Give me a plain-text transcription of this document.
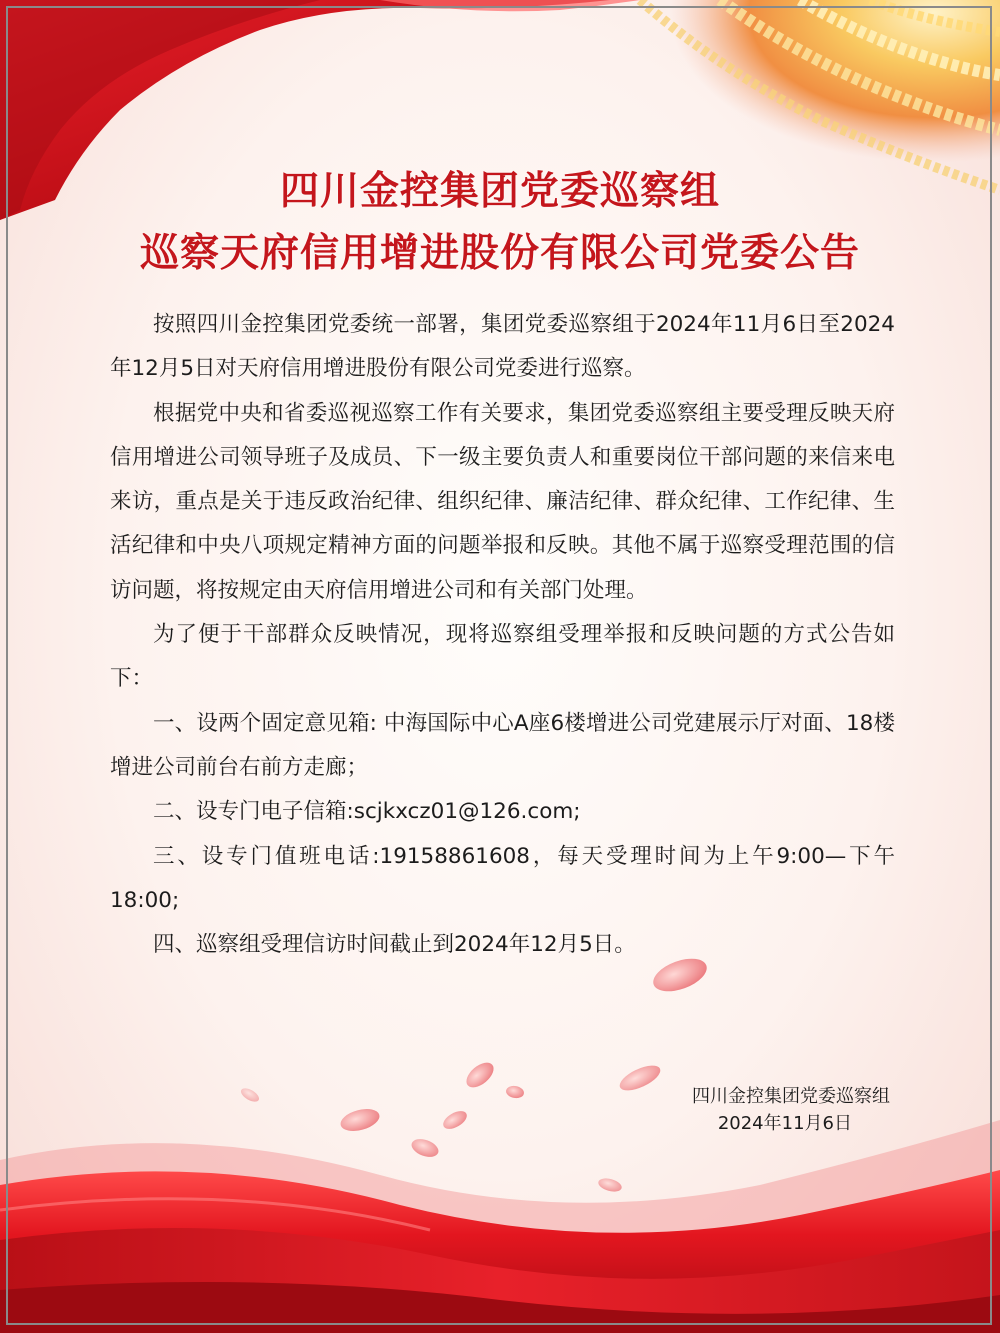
四川金控集团党委巡察组
巡察天府信用增进股份有限公司党委公告

按照四川金控集团党委统一部署，集团党委巡察组于2024年11月6日至2024年12月5日对天府信用增进股份有限公司党委进行巡察。

根据党中央和省委巡视巡察工作有关要求，集团党委巡察组主要受理反映天府信用增进公司领导班子及成员、下一级主要负责人和重要岗位干部问题的来信来电来访，重点是关于违反政治纪律、组织纪律、廉洁纪律、群众纪律、工作纪律、生活纪律和中央八项规定精神方面的问题举报和反映。其他不属于巡察受理范围的信访问题，将按规定由天府信用增进公司和有关部门处理。

为了便于干部群众反映情况，现将巡察组受理举报和反映问题的方式公告如下：

一、设两个固定意见箱: 中海国际中心A座6楼增进公司党建展示厅对面、18楼增进公司前台右前方走廊；

二、设专门电子信箱:scjkxcz01@126.com;

三、设专门值班电话:19158861608，每天受理时间为上午9:00—下午18:00;

四、巡察组受理信访时间截止到2024年12月5日。

四川金控集团党委巡察组
2024年11月6日
